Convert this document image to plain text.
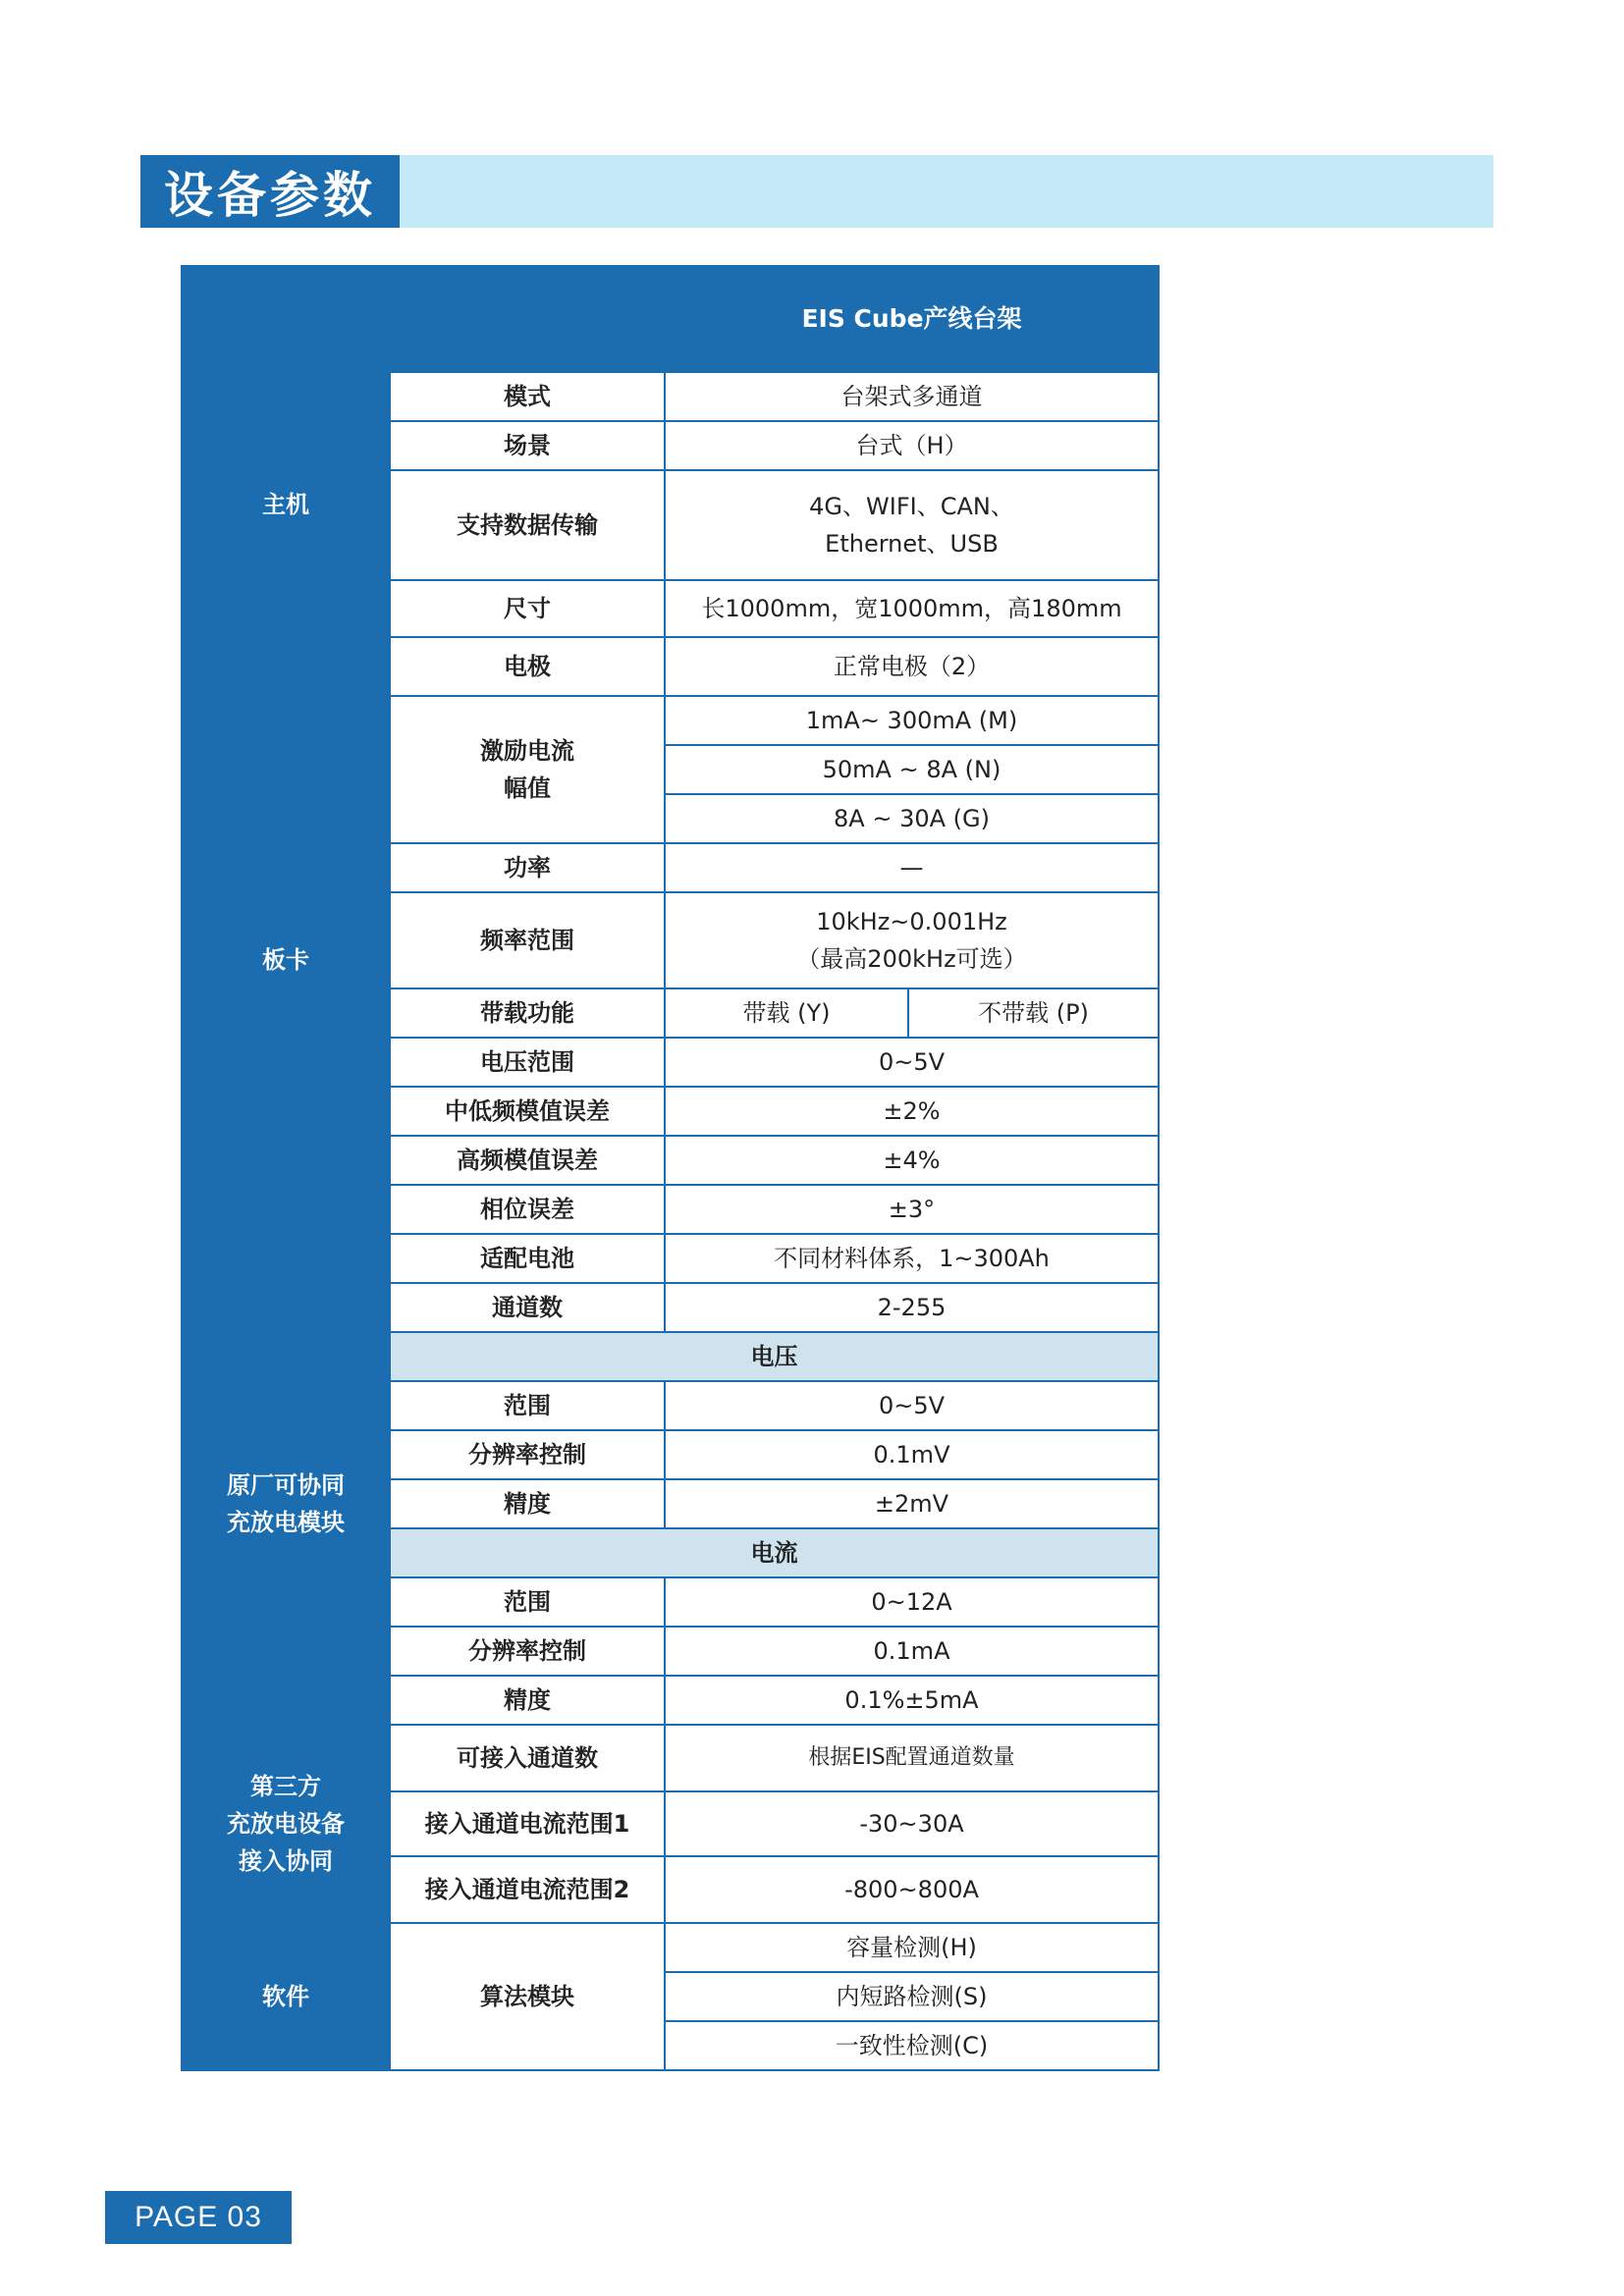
设备参数
		EIS Cube产线台架	
主机	模式	台架式多通道	
	场景	台式（H）	
	支持数据传输	4G、WIFI、CAN、
Ethernet、USB	

	尺寸	长1000mm，宽1000mm，高180mm	
板卡	电极	正常电极（2）	

	激励电流
幅值	1mA~ 300mA (M)	
		50mA ~ 8A (N)	
		8A ~ 30A (G)	
	功率	—	
	频率范围	10kHz~0.001Hz
（最高200kHz可选）	

	带载功能	带载 (Y)	不带载 (P)
	电压范围	0~5V	
	中低频模值误差	±2%	
	高频模值误差	±4%	
	相位误差	±3°	
	适配电池	不同材料体系，1~300Ah	

原厂可协同
充放电模块	通道数	2-255	
	电压		
	范围	0~5V	
	分辨率控制	0.1mV	
	精度	±2mV	
	电流		
	范围	0~12A	
	分辨率控制	0.1mA	
	精度	0.1%±5mA	

第三方
充放电设备
接入协同	可接入通道数	根据EIS配置通道数量	
	接入通道电流范围1	-30~30A	
	接入通道电流范围2	-800~800A	
软件	算法模块	容量检测(H)	
		内短路检测(S)	
		一致性检测(C)	
PAGE 03
